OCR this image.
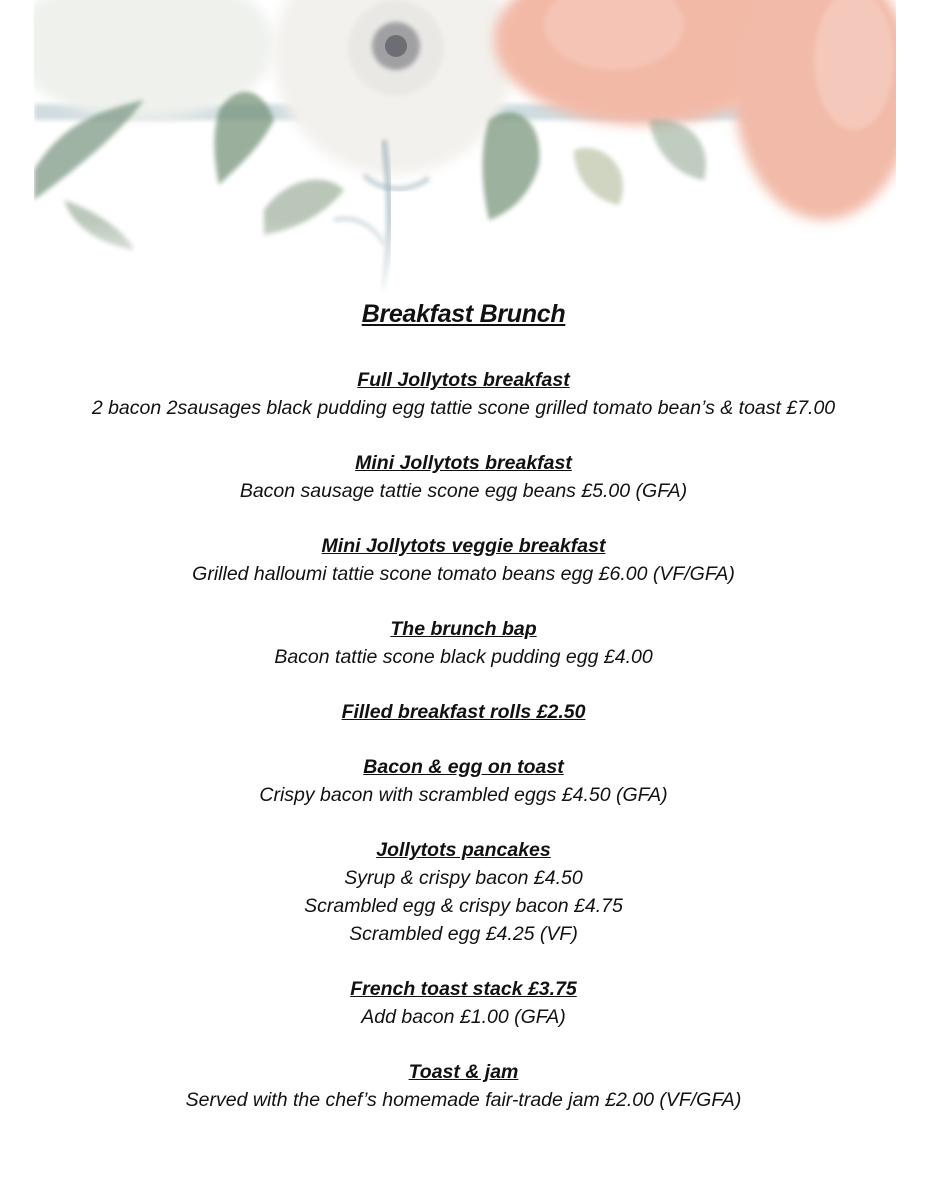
Breakfast Brunch
Full Jollytots breakfast
2 bacon 2sausages black pudding egg tattie scone grilled tomato bean’s & toast £7.00
Mini Jollytots breakfast
Bacon sausage tattie scone egg beans £5.00 (GFA)
Mini Jollytots veggie breakfast
Grilled halloumi tattie scone tomato beans egg £6.00 (VF/GFA)
The brunch bap
Bacon tattie scone black pudding egg £4.00
Filled breakfast rolls £2.50
Bacon & egg on toast
Crispy bacon with scrambled eggs £4.50 (GFA)
Jollytots pancakes
Syrup & crispy bacon £4.50
Scrambled egg & crispy bacon £4.75
Scrambled egg £4.25 (VF)
French toast stack £3.75
Add bacon £1.00 (GFA)
Toast & jam
Served with the chef’s homemade fair-trade jam £2.00 (VF/GFA)
